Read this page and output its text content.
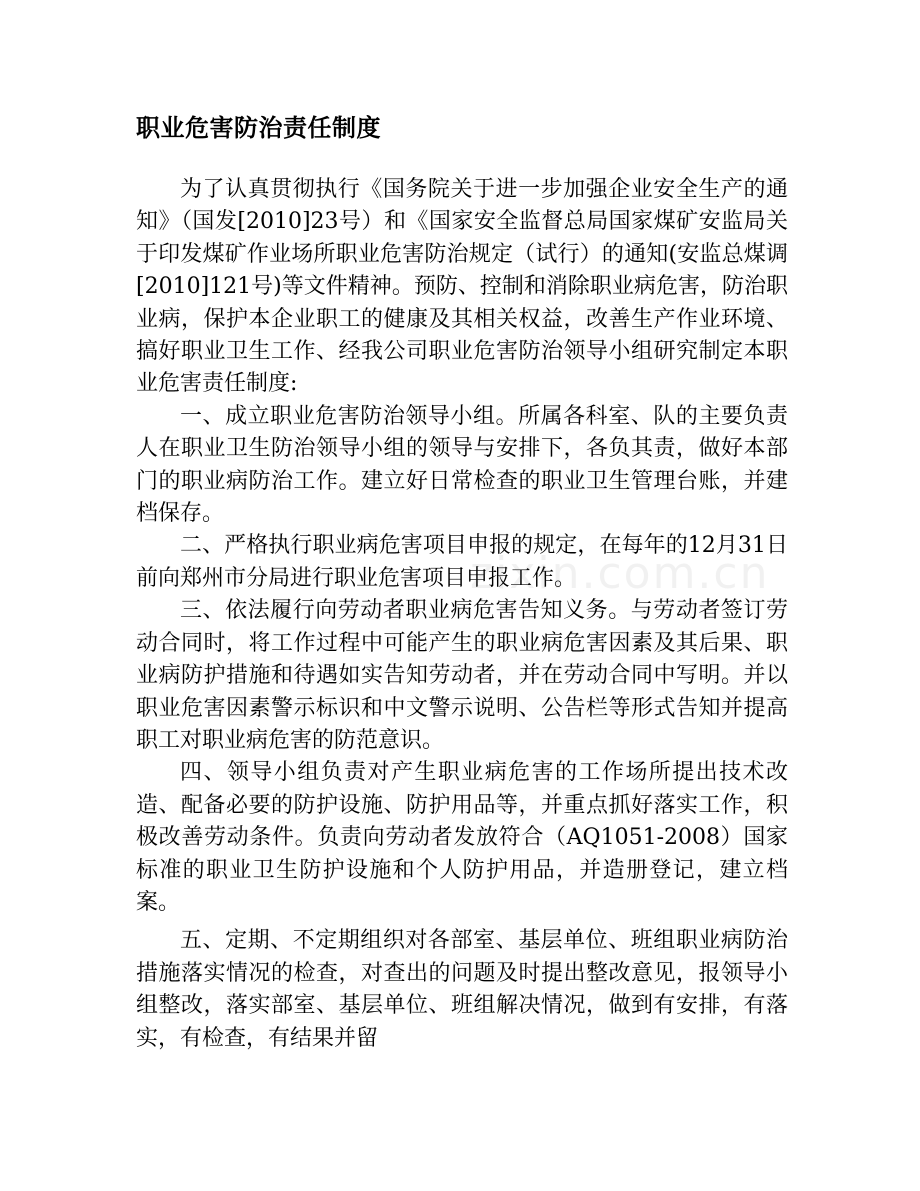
职业危害防治责任制度

为了认真贯彻执行《国务院关于进一步加强企业安全生产的通知》（国发[2010]23号）和《国家安全监督总局国家煤矿安监局关于印发煤矿作业场所职业危害防治规定（试行）的通知(安监总煤调[2010]121号)等文件精神。预防、控制和消除职业病危害，防治职业病，保护本企业职工的健康及其相关权益，改善生产作业环境、搞好职业卫生工作、经我公司职业危害防治领导小组研究制定本职业危害责任制度:

一、成立职业危害防治领导小组。所属各科室、队的主要负责人在职业卫生防治领导小组的领导与安排下，各负其责，做好本部门的职业病防治工作。建立好日常检查的职业卫生管理台账，并建档保存。

二、严格执行职业病危害项目申报的规定，在每年的12月31日前向郑州市分局进行职业危害项目申报工作。

三、依法履行向劳动者职业病危害告知义务。与劳动者签订劳动合同时，将工作过程中可能产生的职业病危害因素及其后果、职业病防护措施和待遇如实告知劳动者，并在劳动合同中写明。并以职业危害因素警示标识和中文警示说明、公告栏等形式告知并提高职工对职业病危害的防范意识。

四、领导小组负责对产生职业病危害的工作场所提出技术改造、配备必要的防护设施、防护用品等，并重点抓好落实工作，积极改善劳动条件。负责向劳动者发放符合（AQ1051-2008）国家标准的职业卫生防护设施和个人防护用品，并造册登记，建立档案。

五、定期、不定期组织对各部室、基层单位、班组职业病防治措施落实情况的检查，对查出的问题及时提出整改意见，报领导小组整改，落实部室、基层单位、班组解决情况，做到有安排，有落实，有检查，有结果并留

zixin.com.cn
